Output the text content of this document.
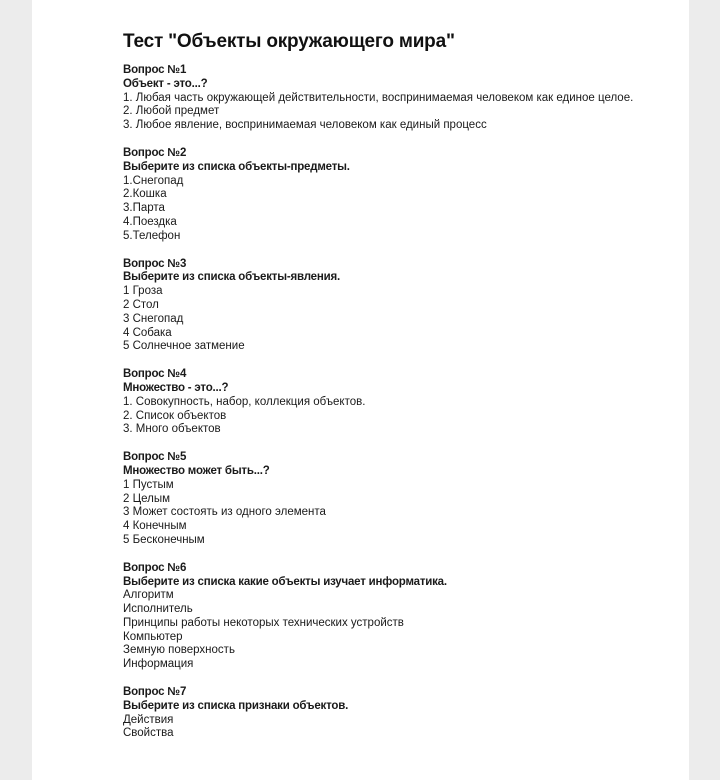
Тест "Объекты окружающего мира"
Вопрос №1
Объект - это...?
1. Любая часть окружающей действительности, воспринимаемая человеком как единое целое.
2. Любой предмет
3. Любое явление, воспринимаемая человеком как единый процесс
Вопрос №2
Выберите из списка объекты-предметы.
1.Снегопад
2.Кошка
3.Парта
4.Поездка
5.Телефон
Вопрос №3
Выберите из списка объекты-явления.
1 Гроза
2 Стол
3 Снегопад
4 Собака
5 Солнечное затмение
Вопрос №4
Множество - это...?
1. Совокупность, набор, коллекция объектов.
2. Список объектов
3. Много объектов
Вопрос №5
Множество может быть...?
1 Пустым
2 Целым
3 Может состоять из одного элемента
4 Конечным
5 Бесконечным
Вопрос №6
Выберите из списка какие объекты изучает информатика.
Алгоритм
Исполнитель
Принципы работы некоторых технических устройств
Компьютер
Земную поверхность
Информация
Вопрос №7
Выберите из списка признаки объектов.
Действия
Свойства
